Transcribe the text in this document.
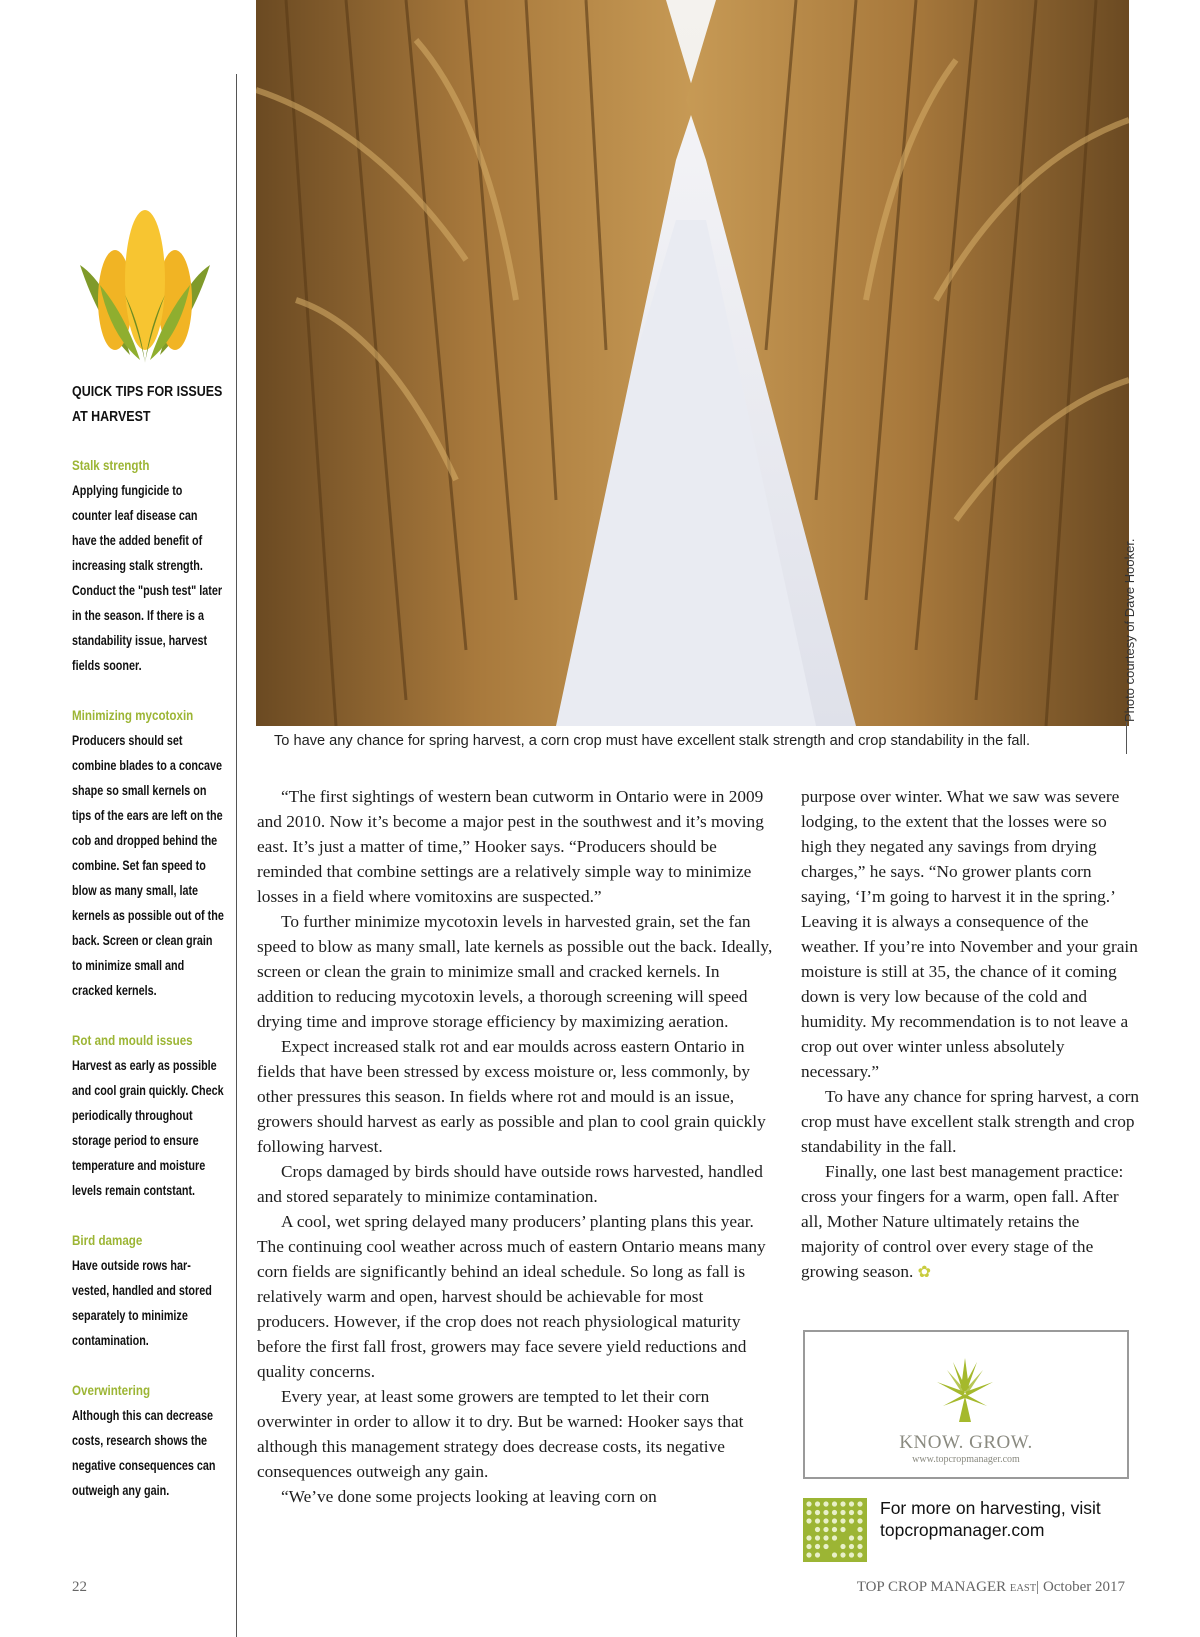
QUICK TIPS FOR ISSUES
AT HARVEST
Stalk strength
Applying fungicide to counter leaf disease can have the added benefit of increasing stalk strength. Conduct the "push test" later in the season. If there is a standability issue, harvest fields sooner.
Minimizing mycotoxin
Producers should set combine blades to a concave shape so small kernels on tips of the ears are left on the cob and dropped behind the combine. Set fan speed to blow as many small, late kernels as possible out of the back. Screen or clean grain to minimize small and cracked kernels.
Rot and mould issues
Harvest as early as possible and cool grain quickly. Check periodically throughout storage period to ensure temperature and moisture levels remain contstant.
Bird damage
Have outside rows har-vested, handled and stored separately to minimize contamination.
Overwintering
Although this can decrease costs, research shows the negative consequences can outweigh any gain.
Photo courtesy of Dave Hooker.
To have any chance for spring harvest, a corn crop must have excellent stalk strength and crop standability in the fall.

“The first sightings of western bean cutworm in Ontario were in 2009 and 2010. Now it’s become a major pest in the southwest and it’s moving east. It’s just a matter of time,” Hooker says. “Producers should be reminded that combine settings are a relatively simple way to minimize losses in a field where vomitoxins are suspected.”

To further minimize mycotoxin levels in harvested grain, set the fan speed to blow as many small, late kernels as possible out the back. Ideally, screen or clean the grain to minimize small and cracked kernels. In addition to reducing mycotoxin levels, a thorough screening will speed drying time and improve storage efficiency by maximizing aeration.

Expect increased stalk rot and ear moulds across eastern Ontario in fields that have been stressed by excess moisture or, less commonly, by other pressures this season. In fields where rot and mould is an issue, growers should harvest as early as possible and plan to cool grain quickly following harvest.

Crops damaged by birds should have outside rows harvested, handled and stored separately to minimize contamination.

A cool, wet spring delayed many producers’ planting plans this year. The continuing cool weather across much of eastern Ontario means many corn fields are significantly behind an ideal schedule. So long as fall is relatively warm and open, harvest should be achievable for most producers. However, if the crop does not reach physiological maturity before the first fall frost, growers may face severe yield reductions and quality concerns.

Every year, at least some growers are tempted to let their corn overwinter in order to allow it to dry. But be warned: Hooker says that although this management strategy does decrease costs, its negative consequences outweigh any gain.

“We’ve done some projects looking at leaving corn on

purpose over winter. What we saw was severe lodging, to the extent that the losses were so high they negated any savings from drying charges,” he says. “No grower plants corn saying, ‘I’m going to harvest it in the spring.’ Leaving it is always a consequence of the weather. If you’re into November and your grain moisture is still at 35, the chance of it coming down is very low because of the cold and humidity. My recommendation is to not leave a crop out over winter unless absolutely necessary.”

To have any chance for spring harvest, a corn crop must have excellent stalk strength and crop standability in the fall.

Finally, one last best management practice: cross your fingers for a warm, open fall. After all, Mother Nature ultimately retains the majority of control over every stage of the growing season. ✿

KNOW. GROW.
www.topcropmanager.com
For more on harvesting, visit
topcropmanager.com
22	TOP CROP MANAGER EAST| October 2017
